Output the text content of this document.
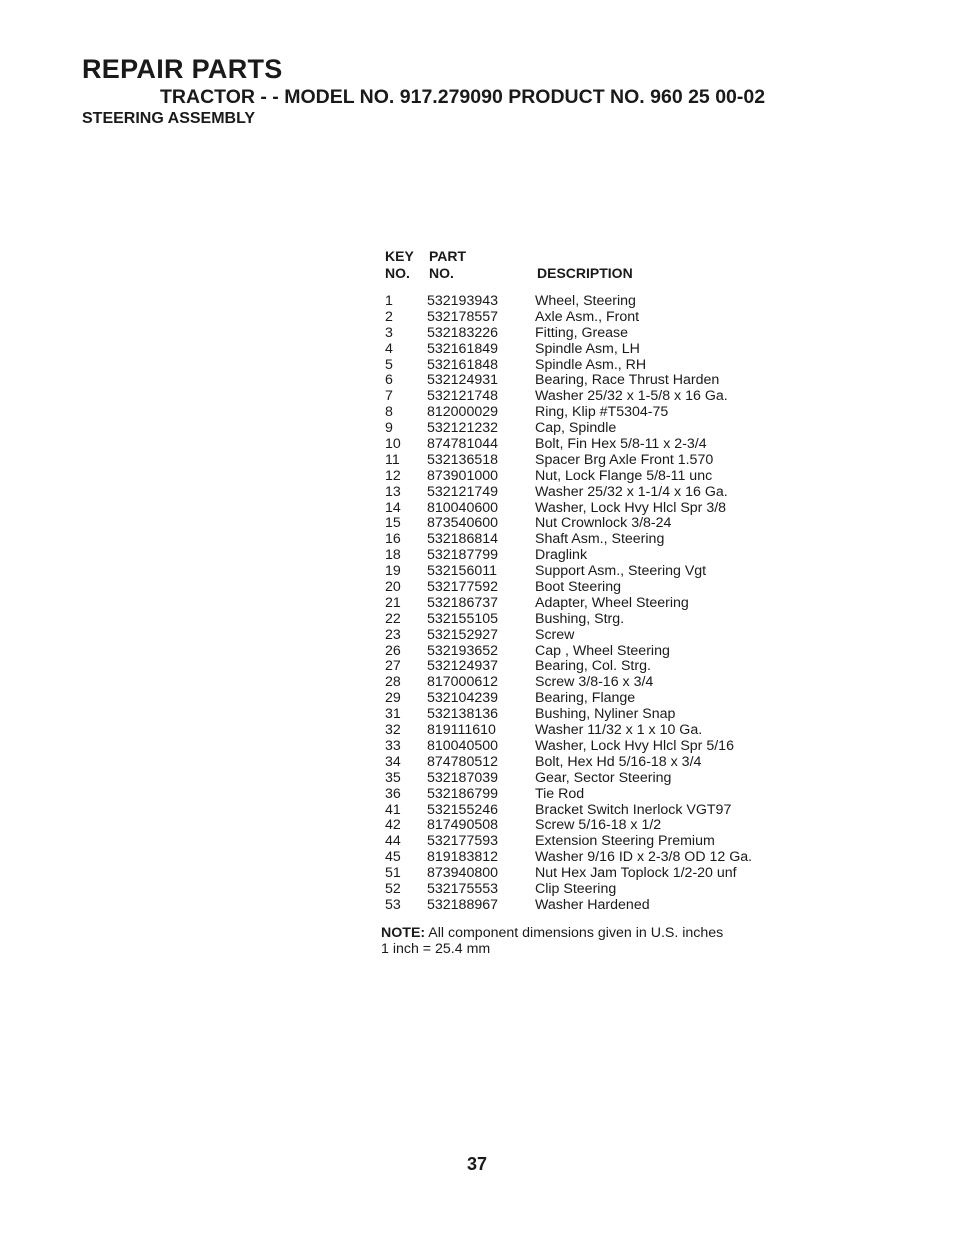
REPAIR PARTS
TRACTOR - - MODEL NO. 917.279090 PRODUCT NO. 960 25 00-02
STEERING ASSEMBLY
KEY
NO.
PART
NO.	DESCRIPTION
1 532193943	Wheel, Steering
2 532178557	Axle Asm., Front
3 532183226	Fitting, Grease
4 532161849	Spindle Asm, LH
5 532161848	Spindle Asm., RH
6 532124931	Bearing, Race Thrust Harden
7 532121748	Washer 25/32 x 1-5/8 x 16 Ga.
8 812000029	Ring, Klip #T5304-75
9 532121232	Cap, Spindle
10 874781044	Bolt, Fin Hex 5/8-11 x 2-3/4
11 532136518	Spacer Brg Axle Front 1.570
12 873901000	Nut, Lock Flange 5/8-11 unc
13 532121749	Washer 25/32 x 1-1/4 x 16 Ga.
14 810040600	Washer, Lock Hvy Hlcl Spr 3/8
15 873540600	Nut Crownlock 3/8-24
16 532186814	Shaft Asm., Steering
18 532187799	Draglink
19 532156011	Support Asm., Steering Vgt
20 532177592	Boot Steering
21 532186737	Adapter, Wheel Steering
22 532155105	Bushing, Strg.
23 532152927	Screw
26 532193652	Cap , Wheel Steering
27 532124937	Bearing, Col. Strg.
28 817000612	Screw 3/8-16 x 3/4
29 532104239	Bearing, Flange
31 532138136	Bushing, Nyliner Snap
32 819111610	Washer 11/32 x 1 x 10 Ga.
33 810040500	Washer, Lock Hvy Hlcl Spr 5/16
34 874780512	Bolt, Hex Hd 5/16-18 x 3/4
35 532187039	Gear, Sector Steering
36 532186799	Tie Rod
41 532155246	Bracket Switch Inerlock VGT97
42 817490508	Screw 5/16-18 x 1/2
44 532177593	Extension Steering Premium
45 819183812	Washer 9/16 ID x 2-3/8 OD 12 Ga.
51 873940800	Nut Hex Jam Toplock 1/2-20 unf
52 532175553	Clip Steering
53 532188967	Washer Hardened
NOTE: All component dimensions given in U.S. inches
1 inch = 25.4 mm
37
